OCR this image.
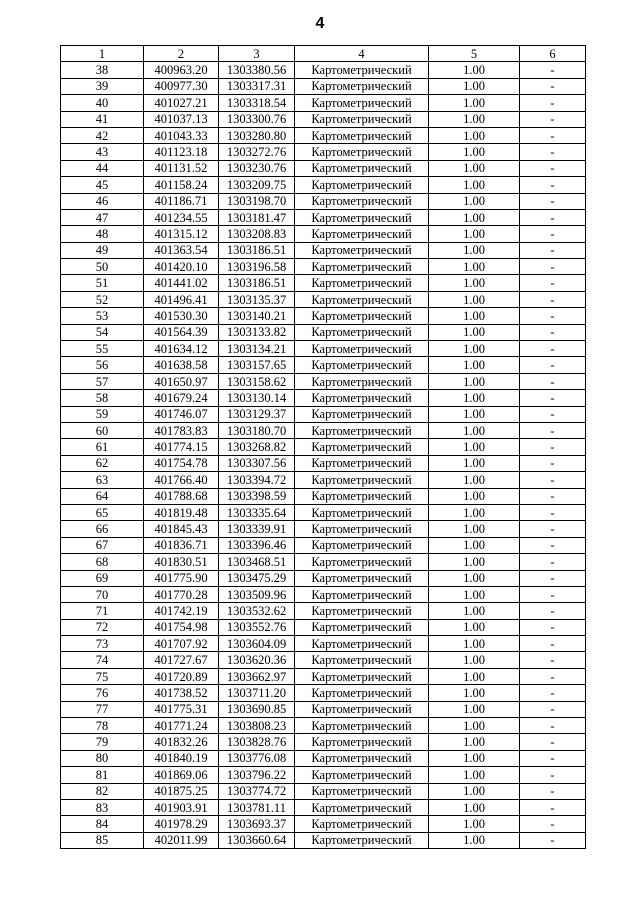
4
1	2	3	4	5	6
38	400963.20	1303380.56	Картометрический	1.00	-
39	400977.30	1303317.31	Картометрический	1.00	-
40	401027.21	1303318.54	Картометрический	1.00	-
41	401037.13	1303300.76	Картометрический	1.00	-
42	401043.33	1303280.80	Картометрический	1.00	-
43	401123.18	1303272.76	Картометрический	1.00	-
44	401131.52	1303230.76	Картометрический	1.00	-
45	401158.24	1303209.75	Картометрический	1.00	-
46	401186.71	1303198.70	Картометрический	1.00	-
47	401234.55	1303181.47	Картометрический	1.00	-
48	401315.12	1303208.83	Картометрический	1.00	-
49	401363.54	1303186.51	Картометрический	1.00	-
50	401420.10	1303196.58	Картометрический	1.00	-
51	401441.02	1303186.51	Картометрический	1.00	-
52	401496.41	1303135.37	Картометрический	1.00	-
53	401530.30	1303140.21	Картометрический	1.00	-
54	401564.39	1303133.82	Картометрический	1.00	-
55	401634.12	1303134.21	Картометрический	1.00	-
56	401638.58	1303157.65	Картометрический	1.00	-
57	401650.97	1303158.62	Картометрический	1.00	-
58	401679.24	1303130.14	Картометрический	1.00	-
59	401746.07	1303129.37	Картометрический	1.00	-
60	401783.83	1303180.70	Картометрический	1.00	-
61	401774.15	1303268.82	Картометрический	1.00	-
62	401754.78	1303307.56	Картометрический	1.00	-
63	401766.40	1303394.72	Картометрический	1.00	-
64	401788.68	1303398.59	Картометрический	1.00	-
65	401819.48	1303335.64	Картометрический	1.00	-
66	401845.43	1303339.91	Картометрический	1.00	-
67	401836.71	1303396.46	Картометрический	1.00	-
68	401830.51	1303468.51	Картометрический	1.00	-
69	401775.90	1303475.29	Картометрический	1.00	-
70	401770.28	1303509.96	Картометрический	1.00	-
71	401742.19	1303532.62	Картометрический	1.00	-
72	401754.98	1303552.76	Картометрический	1.00	-
73	401707.92	1303604.09	Картометрический	1.00	-
74	401727.67	1303620.36	Картометрический	1.00	-
75	401720.89	1303662.97	Картометрический	1.00	-
76	401738.52	1303711.20	Картометрический	1.00	-
77	401775.31	1303690.85	Картометрический	1.00	-
78	401771.24	1303808.23	Картометрический	1.00	-
79	401832.26	1303828.76	Картометрический	1.00	-
80	401840.19	1303776.08	Картометрический	1.00	-
81	401869.06	1303796.22	Картометрический	1.00	-
82	401875.25	1303774.72	Картометрический	1.00	-
83	401903.91	1303781.11	Картометрический	1.00	-
84	401978.29	1303693.37	Картометрический	1.00	-
85	402011.99	1303660.64	Картометрический	1.00	-
